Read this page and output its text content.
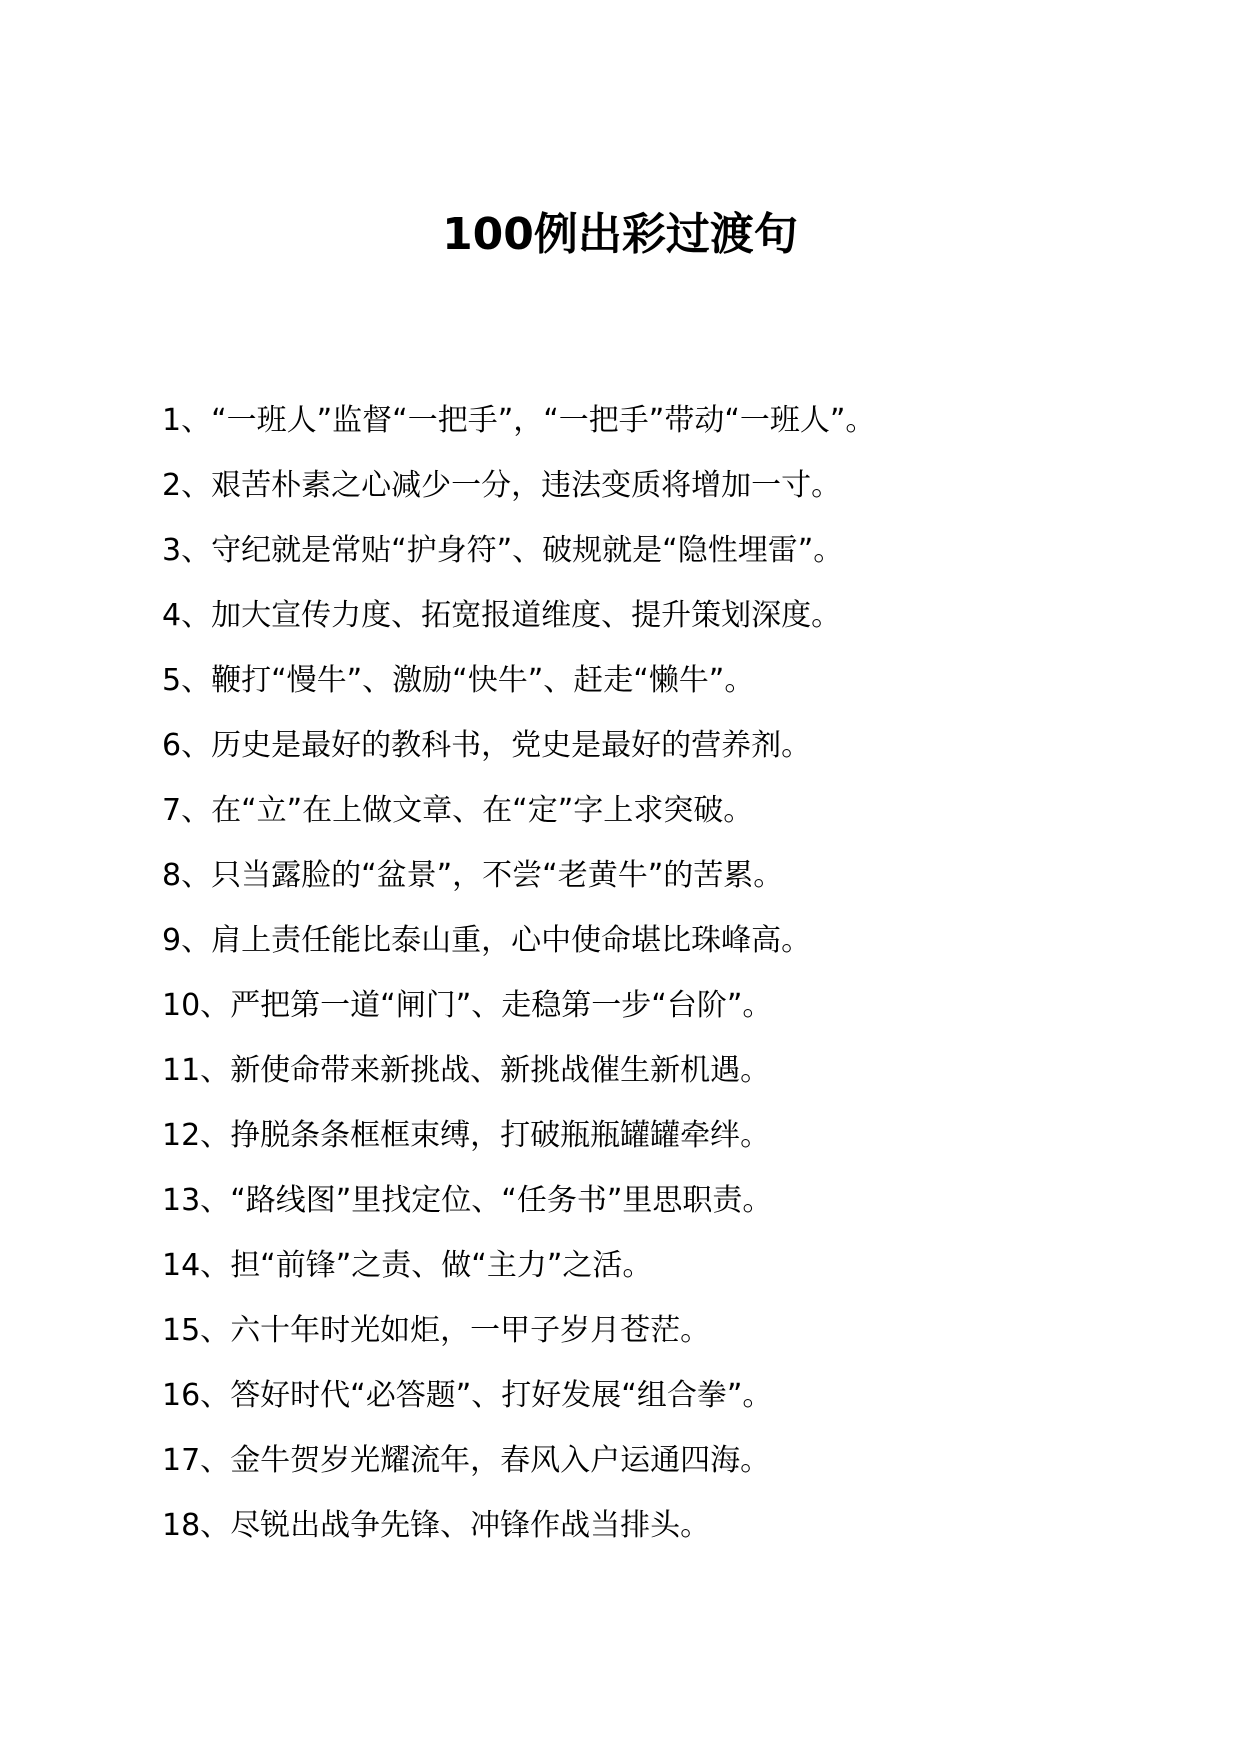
100例出彩过渡句
1、“一班人”监督“一把手”，“一把手”带动“一班人”。
2、艰苦朴素之心减少一分，违法变质将增加一寸。
3、守纪就是常贴“护身符”、破规就是“隐性埋雷”。
4、加大宣传力度、拓宽报道维度、提升策划深度。
5、鞭打“慢牛”、激励“快牛”、赶走“懒牛”。
6、历史是最好的教科书，党史是最好的营养剂。
7、在“立”在上做文章、在“定”字上求突破。
8、只当露脸的“盆景”，不尝“老黄牛”的苦累。
9、肩上责任能比泰山重，心中使命堪比珠峰高。
10、严把第一道“闸门”、走稳第一步“台阶”。
11、新使命带来新挑战、新挑战催生新机遇。
12、挣脱条条框框束缚，打破瓶瓶罐罐牵绊。
13、“路线图”里找定位、“任务书”里思职责。
14、担“前锋”之责、做“主力”之活。
15、六十年时光如炬，一甲子岁月苍茫。
16、答好时代“必答题”、打好发展“组合拳”。
17、金牛贺岁光耀流年，春风入户运通四海。
18、尽锐出战争先锋、冲锋作战当排头。
